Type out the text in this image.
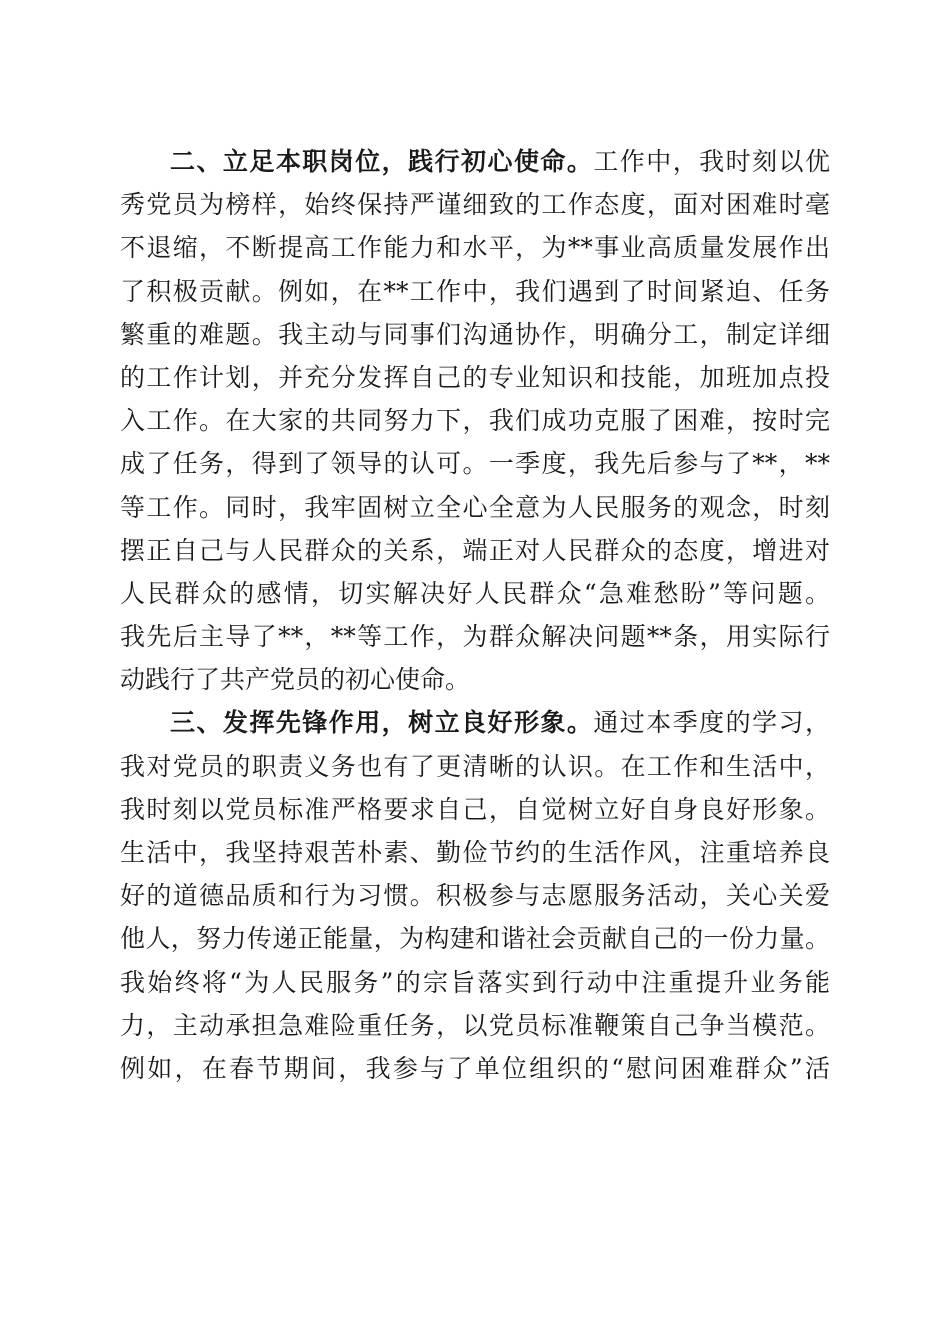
二、立足本职岗位，践行初心使命。工作中，我时刻以优
秀党员为榜样，始终保持严谨细致的工作态度，面对困难时毫
不退缩，不断提高工作能力和水平，为**事业高质量发展作出
了积极贡献。例如，在**工作中，我们遇到了时间紧迫、任务
繁重的难题。我主动与同事们沟通协作，明确分工，制定详细
的工作计划，并充分发挥自己的专业知识和技能，加班加点投
入工作。在大家的共同努力下，我们成功克服了困难，按时完
成了任务，得到了领导的认可。一季度，我先后参与了**，**
等工作。同时，我牢固树立全心全意为人民服务的观念，时刻
摆正自己与人民群众的关系，端正对人民群众的态度，增进对
人民群众的感情，切实解决好人民群众“急难愁盼”等问题。
我先后主导了**，**等工作，为群众解决问题**条，用实际行
动践行了共产党员的初心使命。
三、发挥先锋作用，树立良好形象。通过本季度的学习，
我对党员的职责义务也有了更清晰的认识。在工作和生活中，
我时刻以党员标准严格要求自己，自觉树立好自身良好形象。
生活中，我坚持艰苦朴素、勤俭节约的生活作风，注重培养良
好的道德品质和行为习惯。积极参与志愿服务活动，关心关爱
他人，努力传递正能量，为构建和谐社会贡献自己的一份力量。
我始终将“为人民服务”的宗旨落实到行动中注重提升业务能
力，主动承担急难险重任务，以党员标准鞭策自己争当模范。
例如，在春节期间，我参与了单位组织的“慰问困难群众”活
